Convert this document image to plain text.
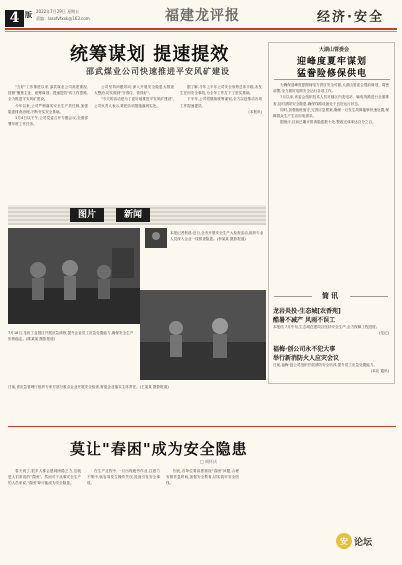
4 版 2022年7月29日 星期五
责编：lasvfvfxxk@163.com	福建龙评报	经济·安全
统筹谋划 提速提效
邵武煤业公司快速推进平安风矿建设

"五好"工作推进以来,邵武煤业公司高度重视,按照"聚焦主业、统筹谋划、提速提效"的工作思路,全力推进平安风矿建设。

今年以来,公司严格落实安全生产责任制,加强隐患排查治理,不断夯实安全基础。

1月4日以下午,公司党委召开专题会议,全面部署年度工作任务。

公司坚持问题导向,深入开展安全隐患大排查大整治,切实做到"守得住、管得好"。

"今天的活动是为了更好地推进平安风矿建设",公司负责人表示,要把各项措施落到实处。

据了解,今年上半年公司安全形势总体平稳,未发生任何安全事故,为全年工作打下了坚实基础。

下半年,公司将继续统筹谋划,全力以赴推动各项工作提速提效。

(本报讯)

大湖山管委会
迎峰度夏牢谋划
猛誊险修保供电

为确保迎峰度夏期间电力供应安全可靠,大湖山管委会提前谋划、周密部署,全力做好电网安全运行各项工作。

7月以来,该委会组织技术人员对辖区内变电站、输电线路进行全面排查,及时消除安全隐患,确保线路设备处于良好运行状态。

同时,加强值班值守,完善应急预案,确保一旦发生故障能够快速处置,保障群众生产生活用电需求。

据统计,目前已累计排查隐患数十处,整改完成率达百分之百。

简讯
龙岩炎投·生态城[农香苑]
酷暑不减产 风雨不误工
本报讯 7月中旬,生态城在建项目坚持安全生产,全力保障工程进度。
(龙记)
福梅·创公司永不犯大事
举行新消防火人应灾会议
日前,福梅·创公司组织开展消防安全培训,提升员工应急处置能力。
(本社 通讯)
图片	新闻
本报记者报道:近日,全市开展安全生产大检查活动,组织专业人员深入企业一线排查隐患。(李某某 摄影报道)
7月18日,龙岩工业园区开展应急演练,提升企业员工应急处置能力,确保安全生产形势稳定。(陈某某 摄影报道)
日前,省应急管理厅组织专家对部分重点企业开展安全检查,督促企业落实主体责任。(王某某 摄影报道)
莫让"春困"成为安全隐患
□ 周怀庆

春天到了,很多人都会感到困倦乏力,这就是人们常说的"春困"。然而对于从事安全生产的人员来说,"春困"却可能成为安全隐患。

在生产过程中,一旦出现疲劳作业,注意力不集中,就容易发生操作失误,进而引发安全事故。

因此,各单位要高度重视"春困"问题,合理安排作息时间,加强安全教育,切实筑牢安全防线。

安 论坛
